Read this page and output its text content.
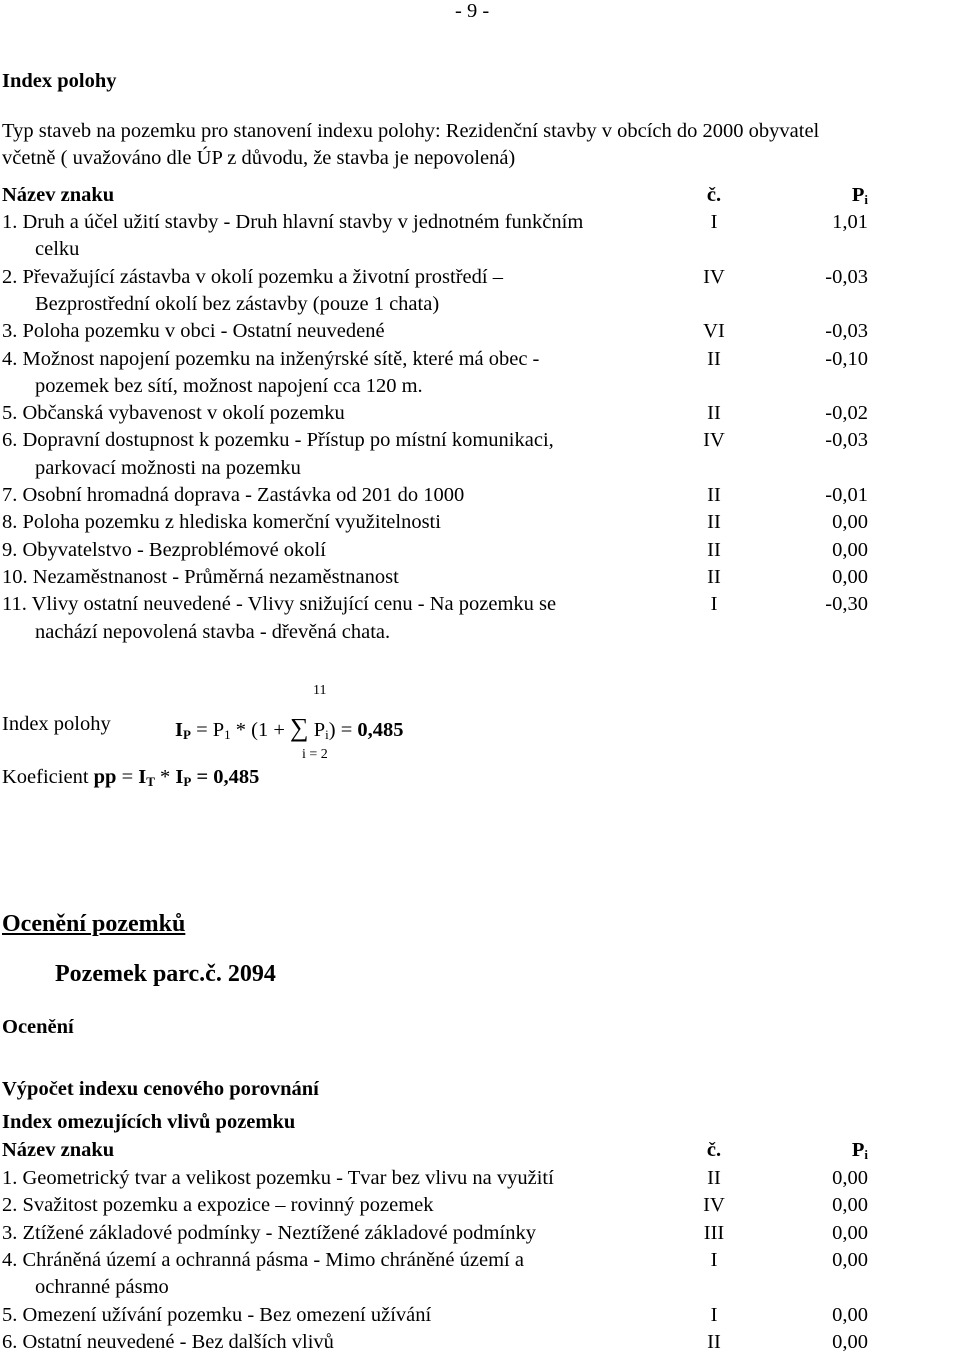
- 9 -
Index polohy
Typ staveb na pozemku pro stanovení indexu polohy: Rezidenční stavby v obcích do 2000 obyvatel
včetně ( uvažováno dle ÚP z důvodu, že stavba je nepovolená)
Název znaku	č.	$P_i$
1. Druh a účel užití stavby - Druh hlavní stavby v jednotném funkčním	I	1,01
celku
2. Převažující zástavba v okolí pozemku a životní prostředí –	IV	-0,03
Bezprostřední okolí bez zástavby (pouze 1 chata)
3. Poloha pozemku v obci - Ostatní neuvedené	VI	-0,03
4. Možnost napojení pozemku na inženýrské sítě, které má obec -	II	-0,10
pozemek bez sítí, možnost napojení cca 120 m.
5. Občanská vybavenost v okolí pozemku	II	-0,02
6. Dopravní dostupnost k pozemku - Přístup po místní komunikaci,	IV	-0,03
parkovací možnosti na pozemku
7. Osobní hromadná doprava - Zastávka od 201 do 1000	II	-0,01
8. Poloha pozemku z hlediska komerční využitelnosti	II	0,00
9. Obyvatelstvo - Bezproblémové okolí	II	0,00
10. Nezaměstnanost - Průměrná nezaměstnanost	II	0,00
11. Vlivy ostatní neuvedené - Vlivy snižující cenu - Na pozemku se	I	-0,30
nachází nepovolená stavba - dřevěná chata.
11
Index polohy	$I_P = P_1 * (1$ + ∑ $P_i) = 0,485$
i = 2
Koeficient pp = $I_T * I_P = 0,485$
Ocenění pozemků
Pozemek parc.č. 2094
Ocenění
Výpočet indexu cenového porovnání
Index omezujících vlivů pozemku
Název znaku	č.	$P_i$
1. Geometrický tvar a velikost pozemku - Tvar bez vlivu na využití	II	0,00
2. Svažitost pozemku a expozice – rovinný pozemek	IV	0,00
3. Ztížené základové podmínky - Neztížené základové podmínky	III	0,00
4. Chráněná území a ochranná pásma - Mimo chráněné území a	I	0,00
ochranné pásmo
5. Omezení užívání pozemku - Bez omezení užívání	I	0,00
6. Ostatní neuvedené - Bez dalších vlivů	II	0,00
